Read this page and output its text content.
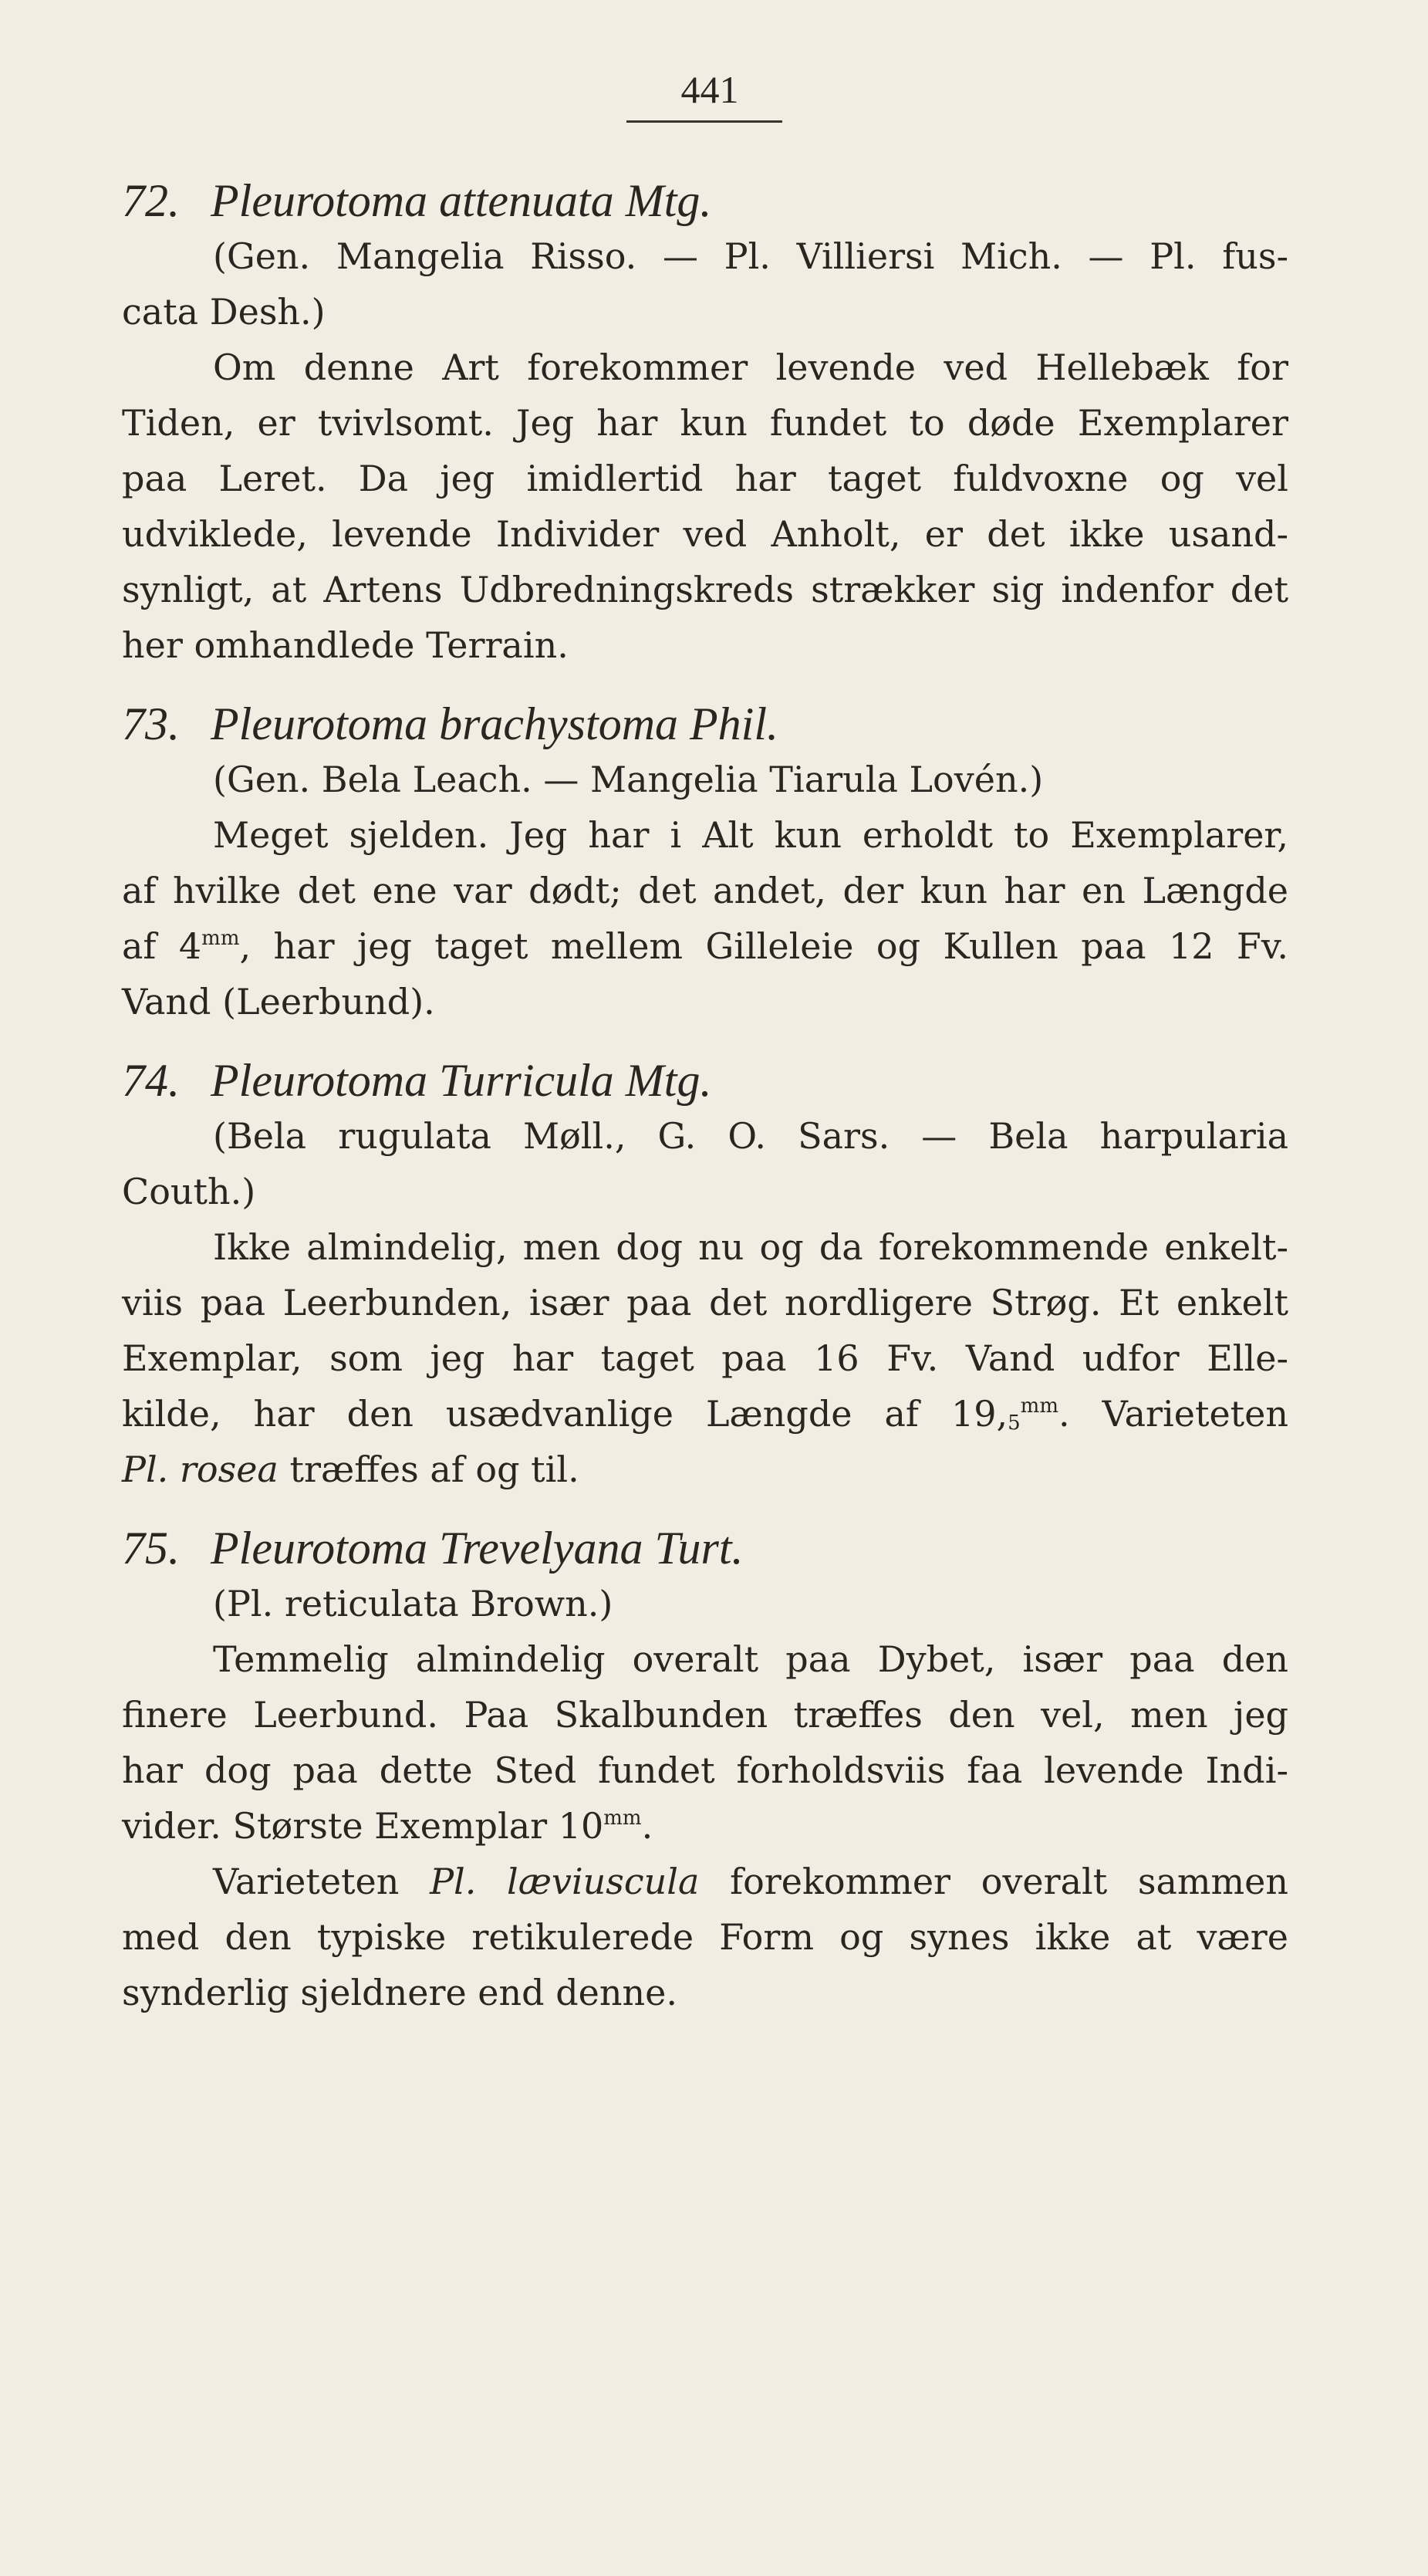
441
72. Pleurotoma attenuata Mtg.
(Gen. Mangelia Risso. — Pl. Villiersi Mich. — Pl. fus-
cata Desh.)
Om denne Art forekommer levende ved Hellebæk for
Tiden, er tvivlsomt. Jeg har kun fundet to døde Exemplarer
paa Leret. Da jeg imidlertid har taget fuldvoxne og vel
udviklede, levende Individer ved Anholt, er det ikke usand-
synligt, at Artens Udbredningskreds strækker sig indenfor det
her omhandlede Terrain.
73. Pleurotoma brachystoma Phil.
(Gen. Bela Leach. — Mangelia Tiarula Lovén.)
Meget sjelden. Jeg har i Alt kun erholdt to Exemplarer,
af hvilke det ene var dødt; det andet, der kun har en Længde
af $4^{mm}$, har jeg taget mellem Gilleleie og Kullen paa 12 Fv.
Vand (Leerbund).
74. Pleurotoma Turricula Mtg.
(Bela rugulata Møll., G. O. Sars. — Bela harpularia
Couth.)
Ikke almindelig, men dog nu og da forekommende enkelt-
viis paa Leerbunden, især paa det nordligere Strøg. Et enkelt
Exemplar, som jeg har taget paa 16 Fv. Vand udfor Elle-
kilde, har den usædvanlige Længde af $19,_5^{mm}$. Varieteten
Pl. rosea træffes af og til.
75. Pleurotoma Trevelyana Turt.
(Pl. reticulata Brown.)
Temmelig almindelig overalt paa Dybet, især paa den
finere Leerbund. Paa Skalbunden træffes den vel, men jeg
har dog paa dette Sted fundet forholdsviis faa levende Indi-
vider. Største Exemplar $10^{mm}$.
Varieteten Pl. læviuscula forekommer overalt sammen
med den typiske retikulerede Form og synes ikke at være
synderlig sjeldnere end denne.
